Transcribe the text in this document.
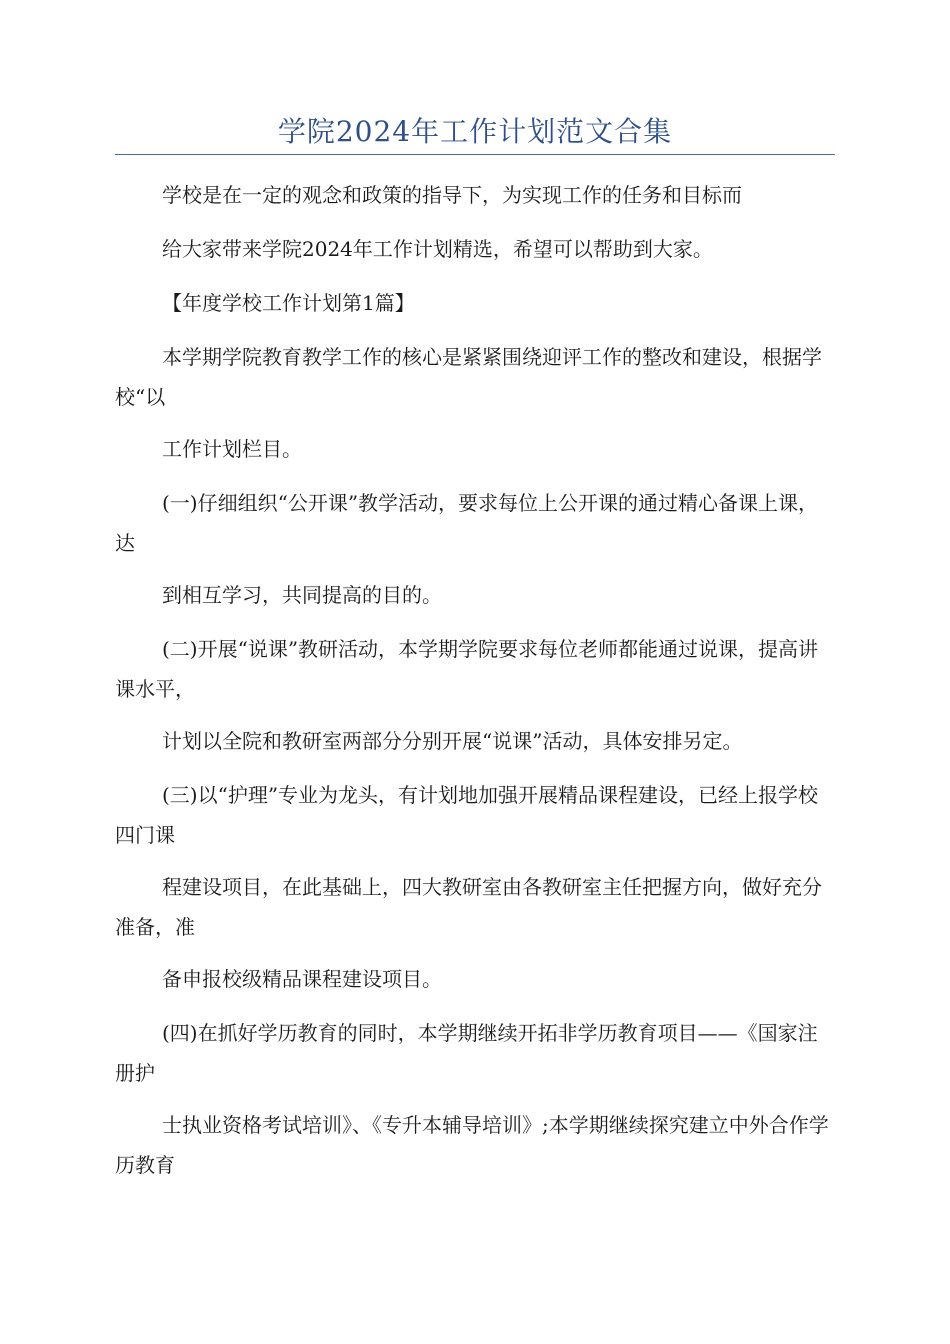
学院2024年工作计划范文合集

学校是在一定的观念和政策的指导下，为实现工作的任务和目标而

给大家带来学院2024年工作计划精选，希望可以帮助到大家。

【年度学校工作计划第1篇】

本学期学院教育教学工作的核心是紧紧围绕迎评工作的整改和建设，根据学校“以

工作计划栏目。

(一)仔细组织“公开课”教学活动，要求每位上公开课的通过精心备课上课，达

到相互学习，共同提高的目的。

(二)开展“说课”教研活动，本学期学院要求每位老师都能通过说课，提高讲课水平，

计划以全院和教研室两部分分别开展“说课”活动，具体安排另定。

(三)以“护理”专业为龙头，有计划地加强开展精品课程建设，已经上报学校四门课

程建设项目，在此基础上，四大教研室由各教研室主任把握方向，做好充分准备，准

备申报校级精品课程建设项目。

(四)在抓好学历教育的同时，本学期继续开拓非学历教育项目——《国家注册护

士执业资格考试培训》、《专升本辅导培训》;本学期继续探究建立中外合作学历教育
